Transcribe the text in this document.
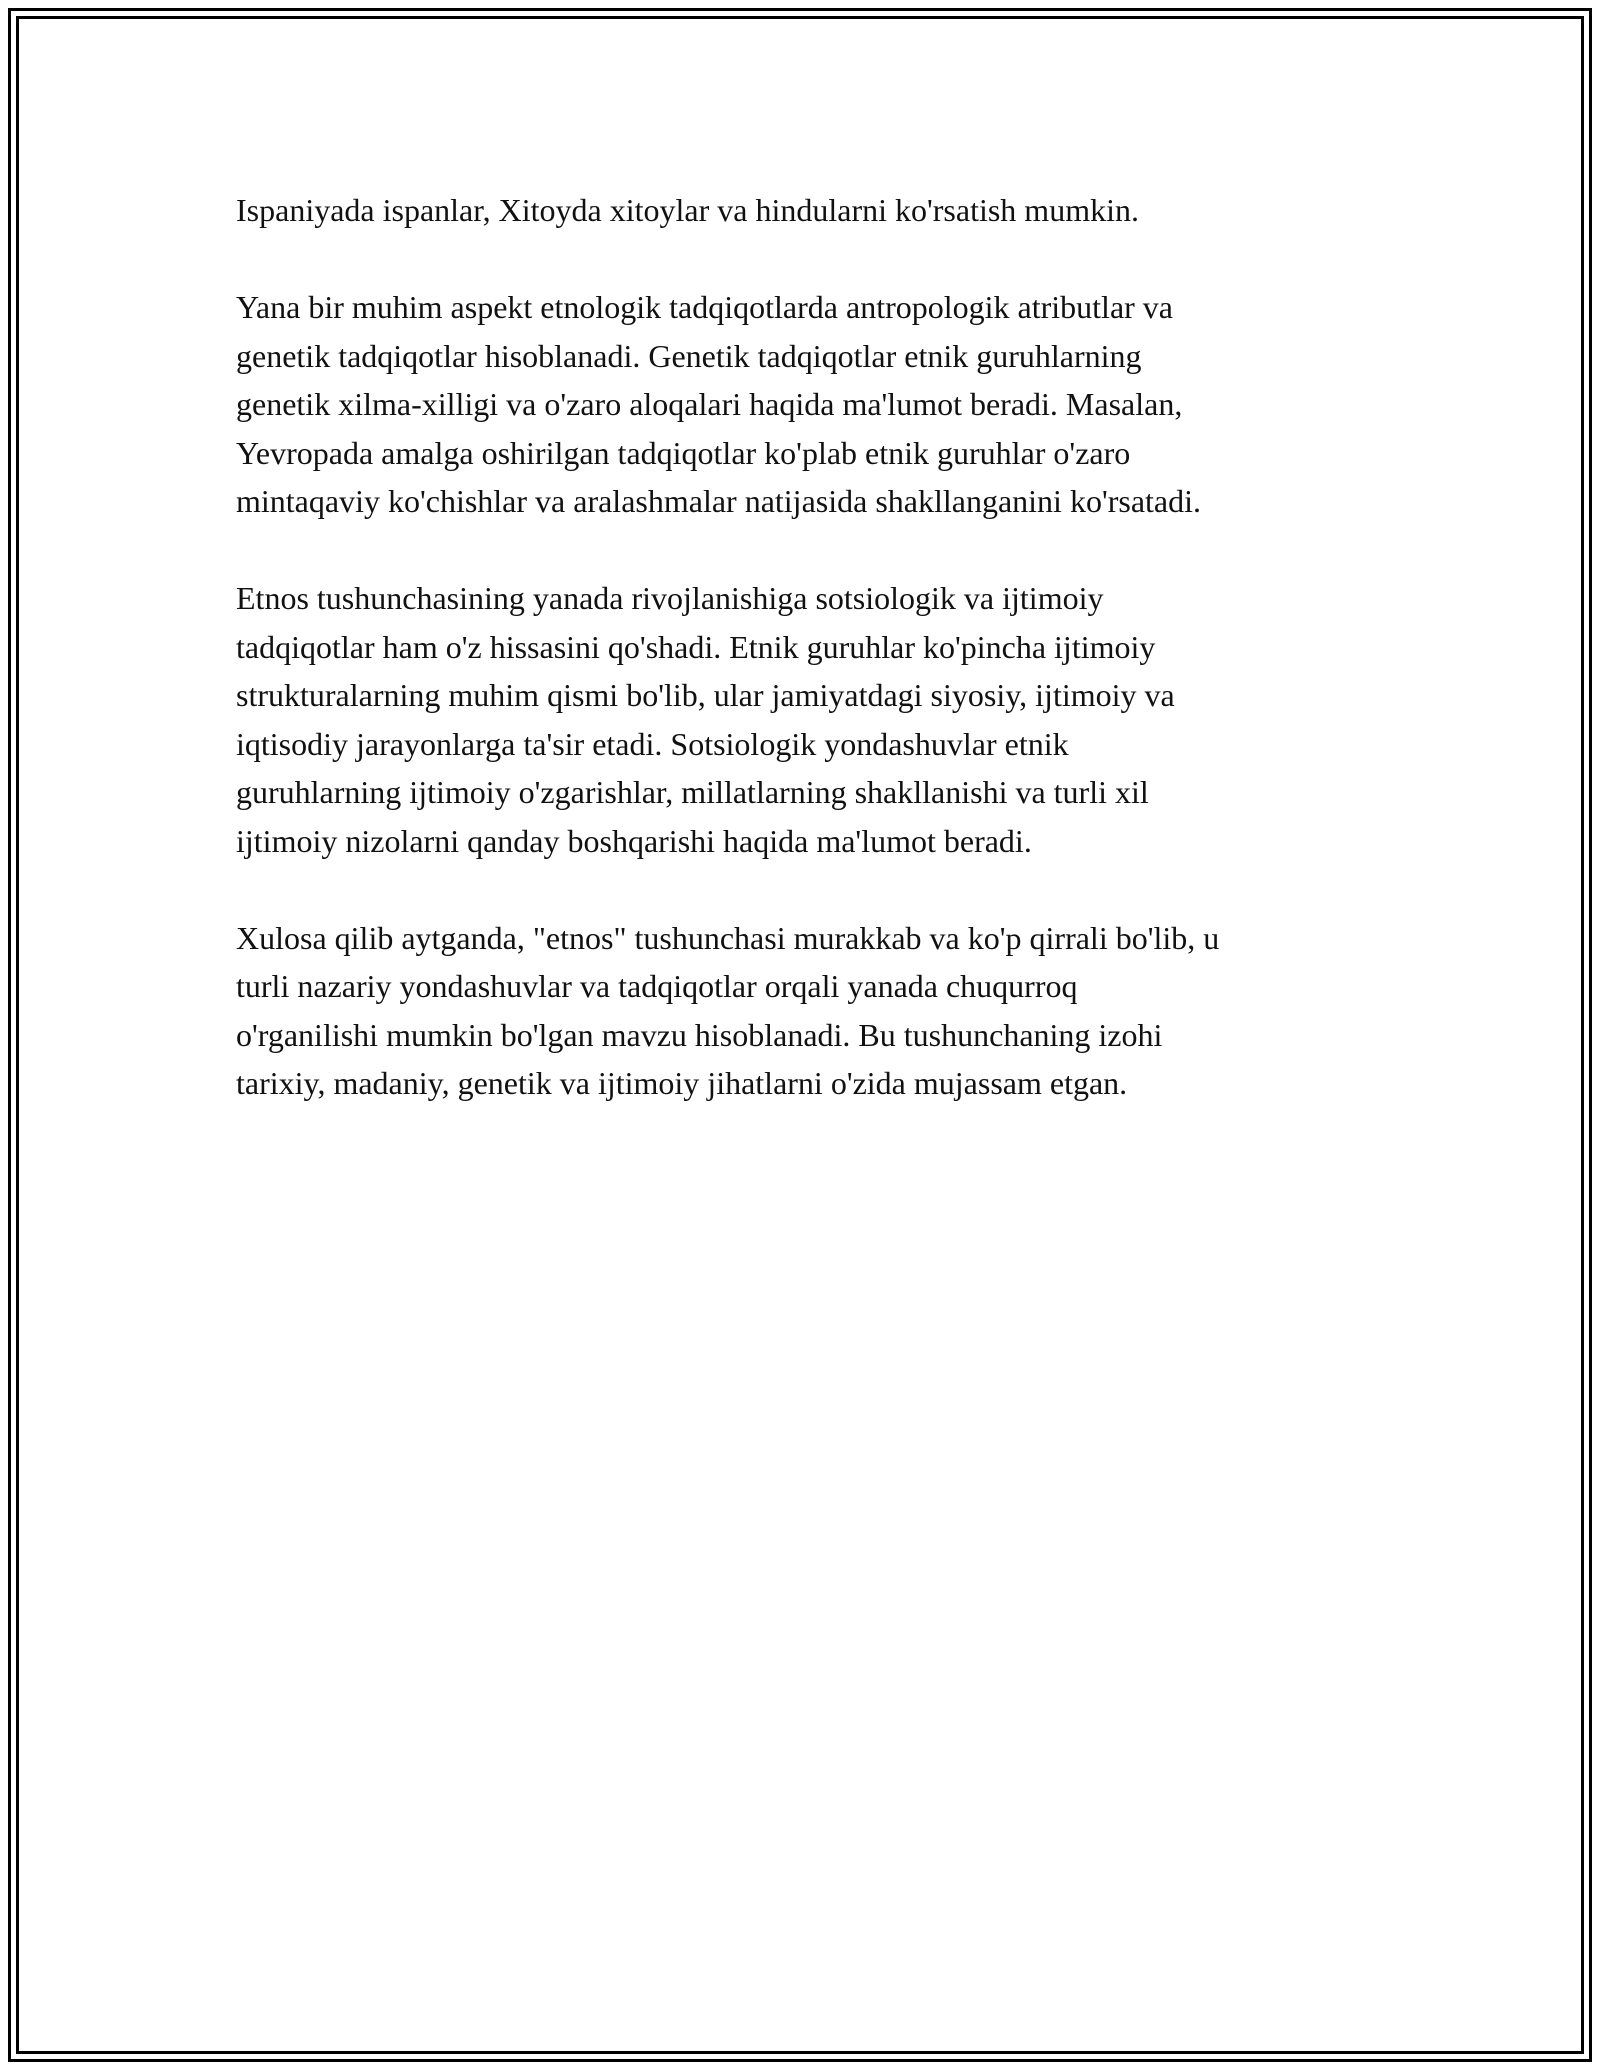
Ispaniyada ispanlar, Xitoyda xitoylar va hindularni ko'rsatish mumkin.

Yana bir muhim aspekt etnologik tadqiqotlarda antropologik atributlar va
genetik tadqiqotlar hisoblanadi. Genetik tadqiqotlar etnik guruhlarning
genetik xilma-xilligi va o'zaro aloqalari haqida ma'lumot beradi. Masalan,
Yevropada amalga oshirilgan tadqiqotlar ko'plab etnik guruhlar o'zaro
mintaqaviy ko'chishlar va aralashmalar natijasida shakllanganini ko'rsatadi.

Etnos tushunchasining yanada rivojlanishiga sotsiologik va ijtimoiy
tadqiqotlar ham o'z hissasini qo'shadi. Etnik guruhlar ko'pincha ijtimoiy
strukturalarning muhim qismi bo'lib, ular jamiyatdagi siyosiy, ijtimoiy va
iqtisodiy jarayonlarga ta'sir etadi. Sotsiologik yondashuvlar etnik
guruhlarning ijtimoiy o'zgarishlar, millatlarning shakllanishi va turli xil
ijtimoiy nizolarni qanday boshqarishi haqida ma'lumot beradi.

Xulosa qilib aytganda, "etnos" tushunchasi murakkab va ko'p qirrali bo'lib, u
turli nazariy yondashuvlar va tadqiqotlar orqali yanada chuqurroq
o'rganilishi mumkin bo'lgan mavzu hisoblanadi. Bu tushunchaning izohi
tarixiy, madaniy, genetik va ijtimoiy jihatlarni o'zida mujassam etgan.
